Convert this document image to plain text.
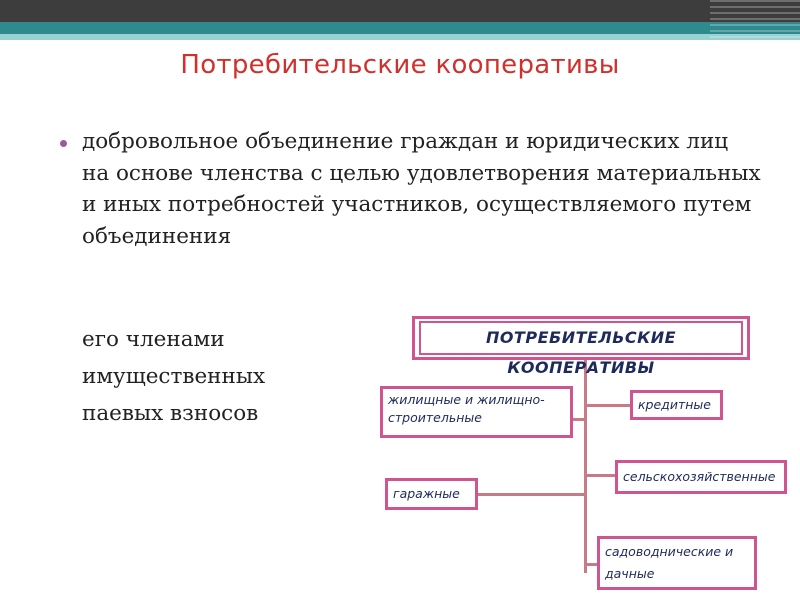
Потребительские кооперативы
добровольное объединение граждан и юридических лиц на основе членства с целью удовлетворения материальных и иных потребностей участников, осуществляемого путем объединения
его членами
имущественных
паевых взносов
ПОТРЕБИТЕЛЬСКИЕ КООПЕРАТИВЫ
жилищные и жилищно-строительные
гаражные
кредитные
сельскохозяйственные
садоводнические и дачные
